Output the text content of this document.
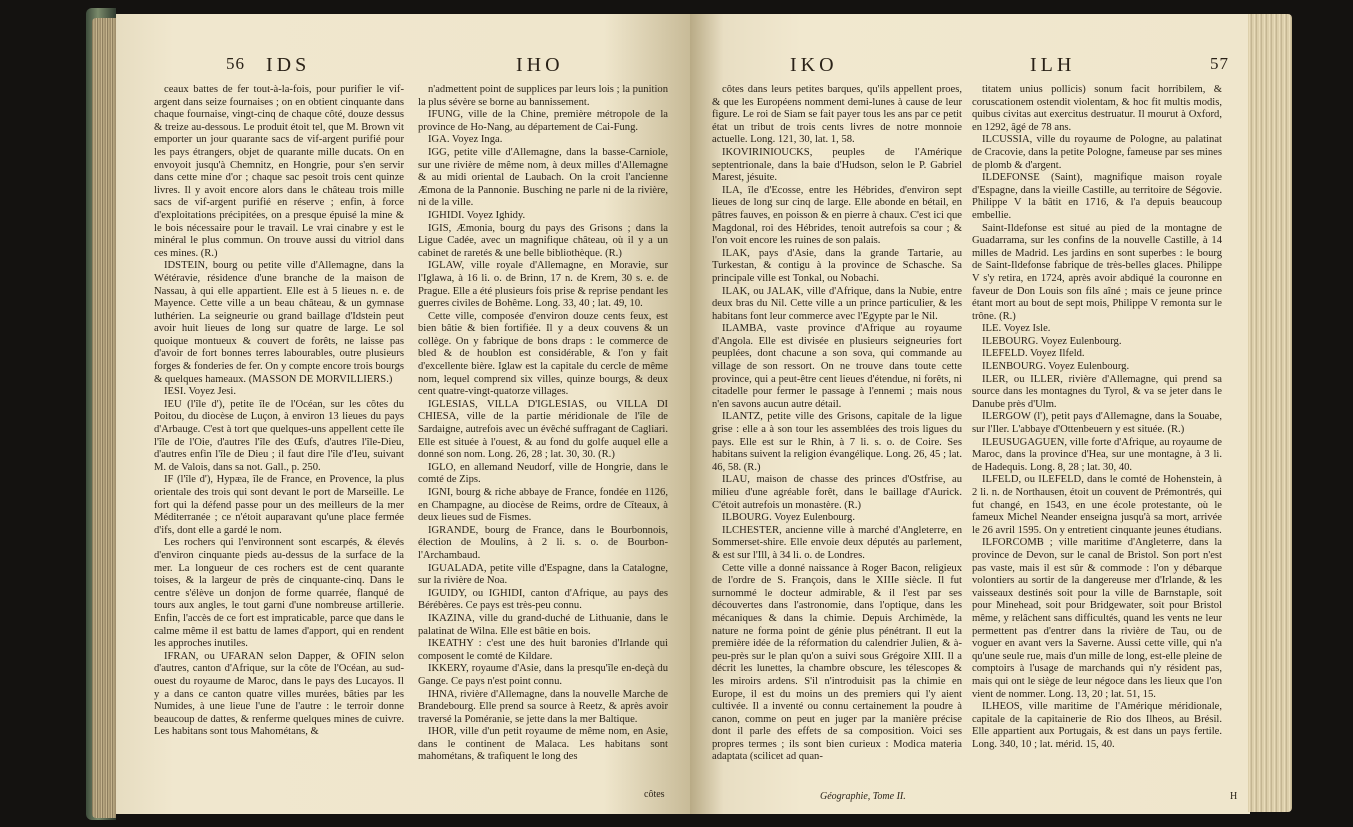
56 IDS	IHO

ceaux battes de fer tout-à-la-fois, pour purifier le vif-argent dans seize fournaises ; on en obtient cinquante dans chaque fournaise, vingt-cinq de chaque côté, douze dessus & treize au-dessous. Le produit étoit tel, que M. Brown vit emporter un jour quarante sacs de vif-argent purifié pour les pays étrangers, objet de quarante mille ducats. On en envoyoit jusqu'à Chemnitz, en Hongrie, pour s'en servir dans cette mine d'or ; chaque sac pesoit trois cent quinze livres. Il y avoit encore alors dans le château trois mille sacs de vif-argent purifié en réserve ; enfin, à force d'exploitations précipitées, on a presque épuisé la mine & le bois nécessaire pour le travail. Le vrai cinabre y est le minéral le plus commun. On trouve aussi du vitriol dans ces mines. (R.)

IDSTEIN, bourg ou petite ville d'Allemagne, dans la Wétéravie, résidence d'une branche de la maison de Nassau, à qui elle appartient. Elle est à 5 lieues n. e. de Mayence. Cette ville a un beau château, & un gymnase luthérien. La seigneurie ou grand baillage d'Idstein peut avoir huit lieues de long sur quatre de large. Le sol quoique montueux & couvert de forêts, ne laisse pas d'avoir de fort bonnes terres labourables, outre plusieurs forges & fonderies de fer. On y compte encore trois bourgs & quelques hameaux. (MASSON DE MORVILLIERS.)

IESI. Voyez Jesi.

IEU (l'île d'), petite île de l'Océan, sur les côtes du Poitou, du diocèse de Luçon, à environ 13 lieues du pays d'Arbauge. C'est à tort que quelques-uns appellent cette île l'île de l'Oie, d'autres l'île des Œufs, d'autres l'île-Dieu, d'autres enfin l'île de Dieu ; il faut dire l'île d'Ieu, suivant M. de Valois, dans sa not. Gall., p. 250.

IF (l'île d'), Hypæa, île de France, en Provence, la plus orientale des trois qui sont devant le port de Marseille. Le fort qui la défend passe pour un des meilleurs de la mer Méditerranée ; ce n'étoit auparavant qu'une place fermée d'ifs, dont elle a gardé le nom.

Les rochers qui l'environnent sont escarpés, & élevés d'environ cinquante pieds au-dessus de la surface de la mer. La longueur de ces rochers est de cent quarante toises, & la largeur de près de cinquante-cinq. Dans le centre s'élève un donjon de forme quarrée, flanqué de tours aux angles, le tout garni d'une nombreuse artillerie. Enfin, l'accès de ce fort est impraticable, parce que dans le calme même il est battu de lames d'apport, qui en rendent les approches inutiles.

IFRAN, ou UFARAN selon Dapper, & OFIN selon d'autres, canton d'Afrique, sur la côte de l'Océan, au sud-ouest du royaume de Maroc, dans le pays des Lucayos. Il y a dans ce canton quatre villes murées, bâties par les Numides, à une lieue l'une de l'autre : le terroir donne beaucoup de dattes, & renferme quelques mines de cuivre. Les habitans sont tous Mahométans, &

n'admettent point de supplices par leurs lois ; la punition la plus sévère se borne au bannissement.

IFUNG, ville de la Chine, première métropole de la province de Ho-Nang, au département de Cai-Fung.

IGA. Voyez Inga.

IGG, petite ville d'Allemagne, dans la basse-Carniole, sur une rivière de même nom, à deux milles d'Allemagne & au midi oriental de Laubach. On la croit l'ancienne Æmona de la Pannonie. Busching ne parle ni de la rivière, ni de la ville.

IGHIDI. Voyez Ighidy.

IGIS, Æmonia, bourg du pays des Grisons ; dans la Ligue Cadée, avec un magnifique château, où il y a un cabinet de raretés & une belle bibliothèque. (R.)

IGLAW, ville royale d'Allemagne, en Moravie, sur l'Iglawa, à 16 li. o. de Brinn, 17 n. de Krem, 30 s. e. de Prague. Elle a été plusieurs fois prise & reprise pendant les guerres civiles de Bohême. Long. 33, 40 ; lat. 49, 10.

Cette ville, composée d'environ douze cents feux, est bien bâtie & bien fortifiée. Il y a deux couvens & un collège. On y fabrique de bons draps : le commerce de bled & de houblon est considérable, & l'on y fait d'excellente bière. Iglaw est la capitale du cercle de même nom, lequel comprend six villes, quinze bourgs, & deux cent quatre-vingt-quatorze villages.

IGLESIAS, VILLA D'IGLESIAS, ou VILLA DI CHIESA, ville de la partie méridionale de l'île de Sardaigne, autrefois avec un évêché suffragant de Cagliari. Elle est située à l'ouest, & au fond du golfe auquel elle a donné son nom. Long. 26, 28 ; lat. 30, 30. (R.)

IGLO, en allemand Neudorf, ville de Hongrie, dans le comté de Zips.

IGNI, bourg & riche abbaye de France, fondée en 1126, en Champagne, au diocèse de Reims, ordre de Cîteaux, à deux lieues sud de Fismes.

IGRANDE, bourg de France, dans le Bourbonnois, élection de Moulins, à 2 li. s. o. de Bourbon-l'Archambaud.

IGUALADA, petite ville d'Espagne, dans la Catalogne, sur la rivière de Noa.

IGUIDY, ou IGHIDI, canton d'Afrique, au pays des Bérébères. Ce pays est très-peu connu.

IKAZINA, ville du grand-duché de Lithuanie, dans le palatinat de Wilna. Elle est bâtie en bois.

IKEATHY : c'est une des huit baronies d'Irlande qui composent le comté de Kildare.

IKKERY, royaume d'Asie, dans la presqu'île en-deçà du Gange. Ce pays n'est point connu.

IHNA, rivière d'Allemagne, dans la nouvelle Marche de Brandebourg. Elle prend sa source à Reetz, & après avoir traversé la Poméranie, se jette dans la mer Baltique.

IHOR, ville d'un petit royaume de même nom, en Asie, dans le continent de Malaca. Les habitans sont mahométans, & trafiquent le long des

côtes
IKO	ILH	57

côtes dans leurs petites barques, qu'ils appellent proes, & que les Européens nomment demi-lunes à cause de leur figure. Le roi de Siam se fait payer tous les ans par ce petit état un tribut de trois cents livres de notre monnoie actuelle. Long. 121, 30, lat. 1, 58.

IKOVIRINIOUCKS, peuples de l'Amérique septentrionale, dans la baie d'Hudson, selon le P. Gabriel Marest, jésuite.

ILA, île d'Ecosse, entre les Hébrides, d'environ sept lieues de long sur cinq de large. Elle abonde en bétail, en pâtres fauves, en poisson & en pierre à chaux. C'est ici que Magdonal, roi des Hébrides, tenoit autrefois sa cour ; & l'on voit encore les ruines de son palais.

ILAK, pays d'Asie, dans la grande Tartarie, au Turkestan, & contigu à la province de Schasche. Sa principale ville est Tonkal, ou Nobachi.

ILAK, ou JALAK, ville d'Afrique, dans la Nubie, entre deux bras du Nil. Cette ville a un prince particulier, & les habitans font leur commerce avec l'Egypte par le Nil.

ILAMBA, vaste province d'Afrique au royaume d'Angola. Elle est divisée en plusieurs seigneuries fort peuplées, dont chacune a son sova, qui commande au village de son ressort. On ne trouve dans toute cette province, qui a peut-être cent lieues d'étendue, ni forêts, ni citadelle pour fermer le passage à l'ennemi ; mais nous n'en savons aucun autre détail.

ILANTZ, petite ville des Grisons, capitale de la ligue grise : elle a à son tour les assemblées des trois ligues du pays. Elle est sur le Rhin, à 7 li. s. o. de Coire. Ses habitans suivent la religion évangélique. Long. 26, 45 ; lat. 46, 58. (R.)

ILAU, maison de chasse des princes d'Ostfrise, au milieu d'une agréable forêt, dans le baillage d'Aurick. C'étoit autrefois un monastère. (R.)

ILBOURG. Voyez Eulenbourg.

ILCHESTER, ancienne ville à marché d'Angleterre, en Sommerset-shire. Elle envoie deux députés au parlement, & est sur l'Ill, à 34 li. o. de Londres.

Cette ville a donné naissance à Roger Bacon, religieux de l'ordre de S. François, dans le XIIIe siècle. Il fut surnommé le docteur admirable, & il l'est par ses découvertes dans l'astronomie, dans l'optique, dans les mécaniques & dans la chimie. Depuis Archimède, la nature ne forma point de génie plus pénétrant. Il eut la première idée de la réformation du calendrier Julien, & à-peu-près sur le plan qu'on a suivi sous Grégoire XIII. Il a décrit les lunettes, la chambre obscure, les télescopes & les miroirs ardens. S'il n'introduisit pas la chimie en Europe, il est du moins un des premiers qui l'y aient cultivée. Il a inventé ou connu certainement la poudre à canon, comme on peut en juger par la manière précise dont il parle des effets de sa composition. Voici ses propres termes ; ils sont bien curieux : Modica materia adaptata (scilicet ad quan-

titatem unius pollicis) sonum facit horribilem, & coruscationem ostendit violentam, & hoc fit multis modis, quibus civitas aut exercitus destruatur. Il mourut à Oxford, en 1292, âgé de 78 ans.

ILCUSSIA, ville du royaume de Pologne, au palatinat de Cracovie, dans la petite Pologne, fameuse par ses mines de plomb & d'argent.

ILDEFONSE (Saint), magnifique maison royale d'Espagne, dans la vieille Castille, au territoire de Ségovie. Philippe V la bâtit en 1716, & l'a depuis beaucoup embellie.

Saint-Ildefonse est situé au pied de la montagne de Guadarrama, sur les confins de la nouvelle Castille, à 14 milles de Madrid. Les jardins en sont superbes : le bourg de Saint-Ildefonse fabrique de très-belles glaces. Philippe V s'y retira, en 1724, après avoir abdiqué la couronne en faveur de Don Louis son fils aîné ; mais ce jeune prince étant mort au bout de sept mois, Philippe V remonta sur le trône. (R.)

ILE. Voyez Isle.

ILEBOURG. Voyez Eulenbourg.

ILEFELD. Voyez Ilfeld.

ILENBOURG. Voyez Eulenbourg.

ILER, ou ILLER, rivière d'Allemagne, qui prend sa source dans les montagnes du Tyrol, & va se jeter dans le Danube près d'Ulm.

ILERGOW (l'), petit pays d'Allemagne, dans la Souabe, sur l'Iler. L'abbaye d'Ottenbeuern y est située. (R.)

ILEUSUGAGUEN, ville forte d'Afrique, au royaume de Maroc, dans la province d'Hea, sur une montagne, à 3 li. de Hadequis. Long. 8, 28 ; lat. 30, 40.

ILFELD, ou ILEFELD, dans le comté de Hohenstein, à 2 li. n. de Northausen, étoit un couvent de Prémontrés, qui fut changé, en 1543, en une école protestante, où le fameux Michel Neander enseigna jusqu'à sa mort, arrivée le 26 avril 1595. On y entretient cinquante jeunes étudians.

ILFORCOMB ; ville maritime d'Angleterre, dans la province de Devon, sur le canal de Bristol. Son port n'est pas vaste, mais il est sûr & commode : l'on y débarque volontiers au sortir de la dangereuse mer d'Irlande, & les vaisseaux destinés soit pour la ville de Barnstaple, soit pour Minehead, soit pour Bridgewater, soit pour Bristol même, y relâchent sans difficultés, quand les vents ne leur permettent pas d'entrer dans la rivière de Tau, ou de voguer en avant vers la Saverne. Aussi cette ville, qui n'a qu'une seule rue, mais d'un mille de long, est-elle pleine de comptoirs à l'usage de marchands qui n'y résident pas, mais qui ont le siège de leur négoce dans les lieux que l'on vient de nommer. Long. 13, 20 ; lat. 51, 15.

ILHEOS, ville maritime de l'Amérique méridionale, capitale de la capitainerie de Rio dos Ilheos, au Brésil. Elle appartient aux Portugais, & est dans un pays fertile. Long. 340, 10 ; lat. mérid. 15, 40.

Géographie, Tome II.	H
